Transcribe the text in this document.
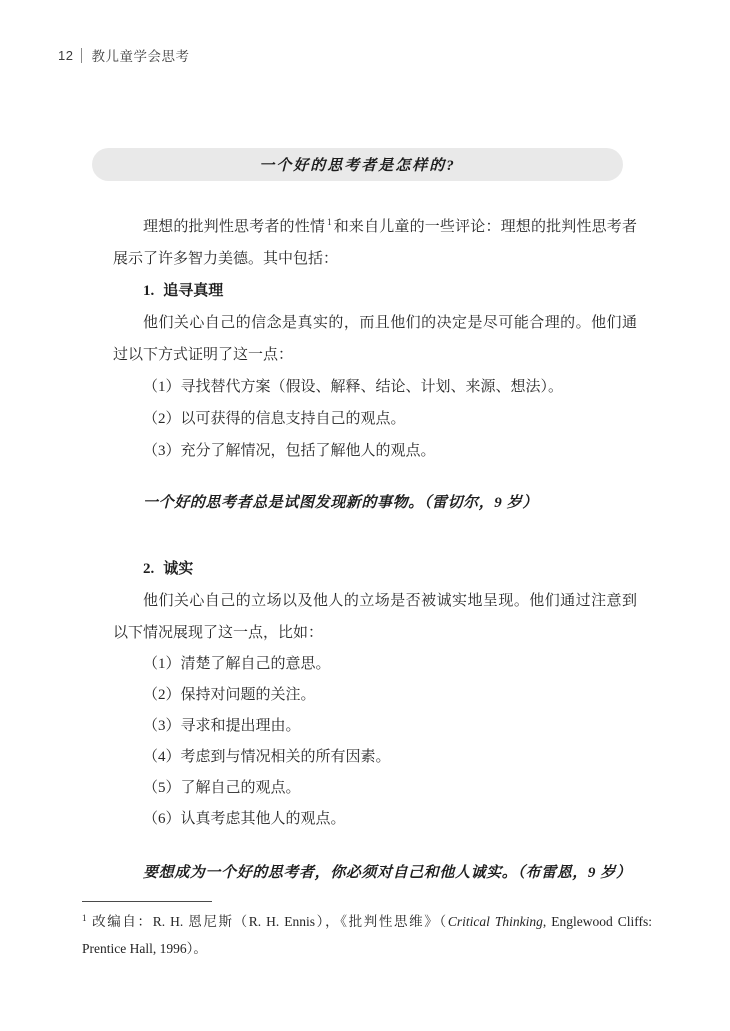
12 教儿童学会思考
一个好的思考者是怎样的?

理想的批判性思考者的性情 $^1$ 和来自儿童的一些评论：理想的批判性思考者展示了许多智力美德。其中包括：

1. 追寻真理

他们关心自己的信念是真实的，而且他们的决定是尽可能合理的。他们通过以下方式证明了这一点：

（1）寻找替代方案（假设、解释、结论、计划、来源、想法）。

（2）以可获得的信息支持自己的观点。

（3）充分了解情况，包括了解他人的观点。

一个好的思考者总是试图发现新的事物。（雷切尔，9 岁）

2. 诚实

他们关心自己的立场以及他人的立场是否被诚实地呈现。他们通过注意到以下情况展现了这一点，比如：

（1）清楚了解自己的意思。

（2）保持对问题的关注。

（3）寻求和提出理由。

（4）考虑到与情况相关的所有因素。

（5）了解自己的观点。

（6）认真考虑其他人的观点。

要想成为一个好的思考者，你必须对自己和他人诚实。（布雷恩，9 岁）

$^1$ 改编自：R. H. 恩尼斯（R. H. Ennis），《批判性思维》（Critical Thinking, Englewood Cliffs: Prentice Hall, 1996）。
